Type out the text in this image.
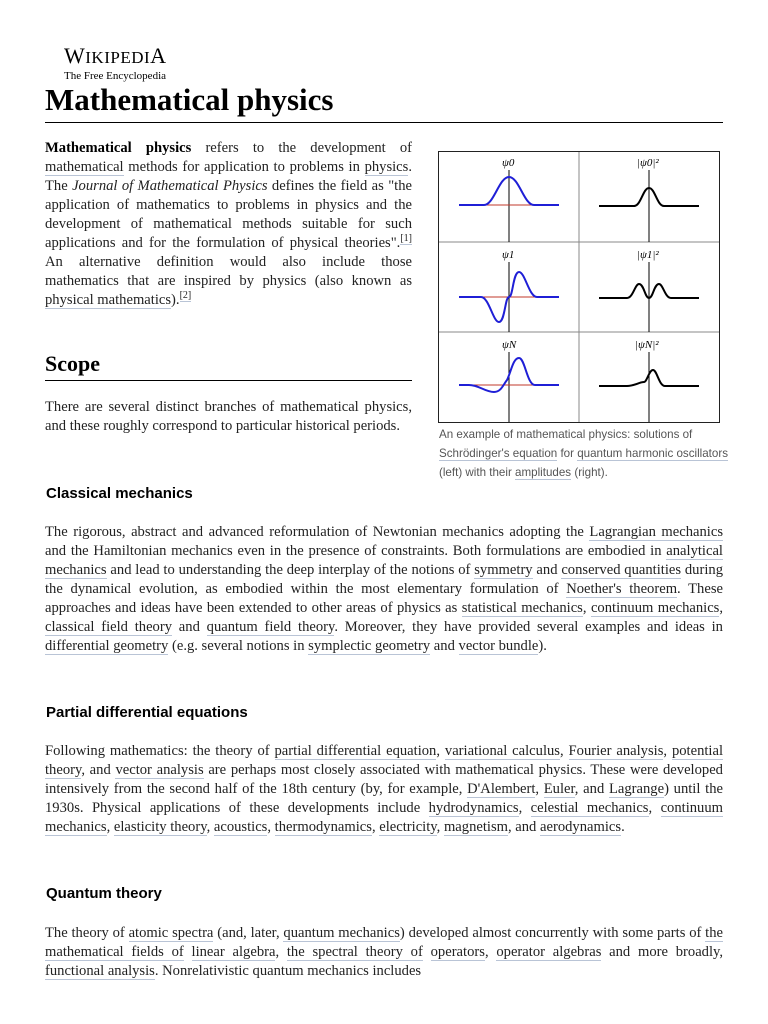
WIKIPEDIA
The Free Encyclopedia
Mathematical physics

Mathematical physics refers to the development of mathematical methods for application to problems in physics. The Journal of Mathematical Physics defines the field as "the application of mathematics to problems in physics and the development of mathematical methods suitable for such applications and for the formulation of physical theories".[1] An alternative definition would also include those mathematics that are inspired by physics (also known as physical mathematics).[2]

ψ0	|ψ0|²
ψ1	|ψ1|²
ψN	|ψN|²

An example of mathematical physics: solutions of Schrödinger's equation for quantum harmonic oscillators (left) with their amplitudes (right).

Scope

There are several distinct branches of mathematical physics, and these roughly correspond to particular historical periods.

Classical mechanics

The rigorous, abstract and advanced reformulation of Newtonian mechanics adopting the Lagrangian mechanics and the Hamiltonian mechanics even in the presence of constraints. Both formulations are embodied in analytical mechanics and lead to understanding the deep interplay of the notions of symmetry and conserved quantities during the dynamical evolution, as embodied within the most elementary formulation of Noether's theorem. These approaches and ideas have been extended to other areas of physics as statistical mechanics, continuum mechanics, classical field theory and quantum field theory. Moreover, they have provided several examples and ideas in differential geometry (e.g. several notions in symplectic geometry and vector bundle).

Partial differential equations

Following mathematics: the theory of partial differential equation, variational calculus, Fourier analysis, potential theory, and vector analysis are perhaps most closely associated with mathematical physics. These were developed intensively from the second half of the 18th century (by, for example, D'Alembert, Euler, and Lagrange) until the 1930s. Physical applications of these developments include hydrodynamics, celestial mechanics, continuum mechanics, elasticity theory, acoustics, thermodynamics, electricity, magnetism, and aerodynamics.

Quantum theory

The theory of atomic spectra (and, later, quantum mechanics) developed almost concurrently with some parts of the mathematical fields of linear algebra, the spectral theory of operators, operator algebras and more broadly, functional analysis. Nonrelativistic quantum mechanics includes
